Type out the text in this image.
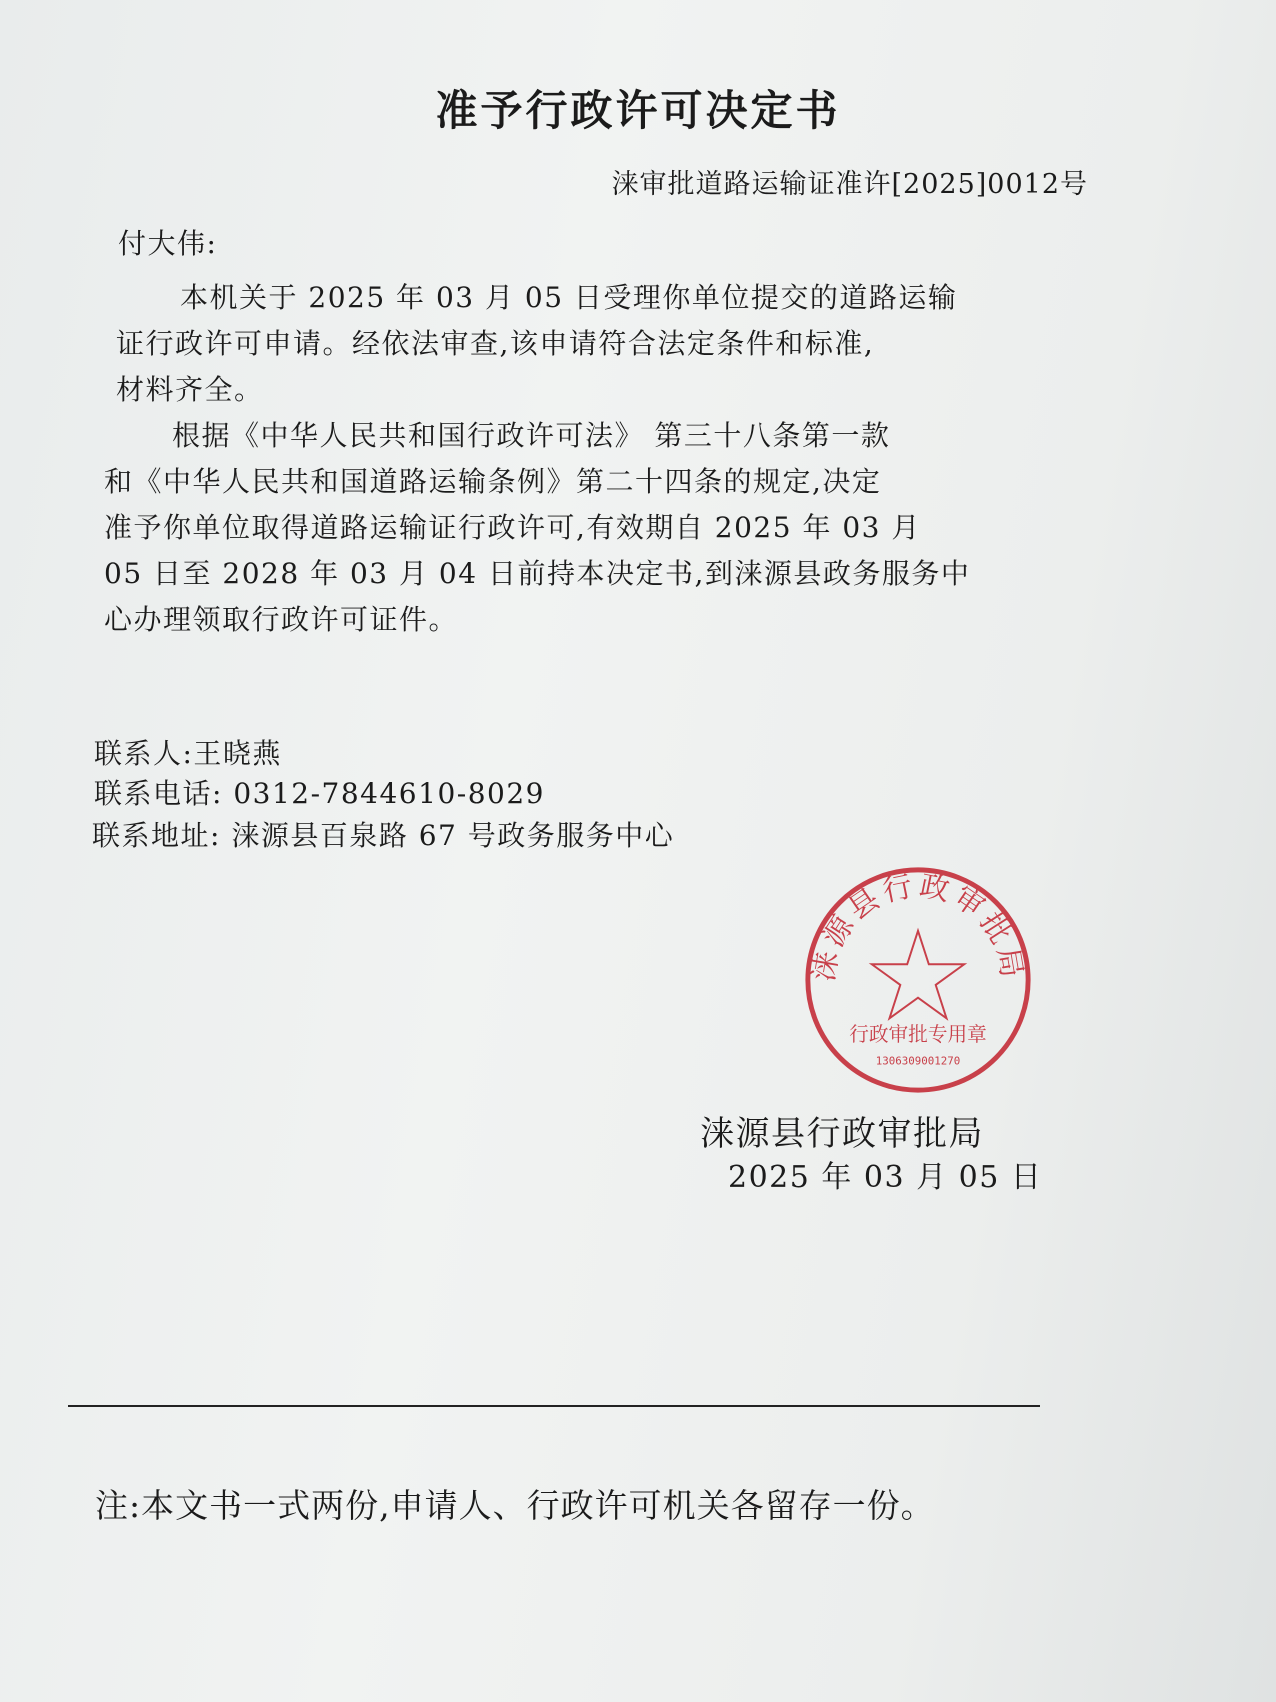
准予行政许可决定书
涞审批道路运输证准许[2025]0012号
付大伟:
本机关于 2025 年 03 月 05 日受理你单位提交的道路运输
证行政许可申请。经依法审查,该申请符合法定条件和标准,
材料齐全。
根据《中华人民共和国行政许可法》 第三十八条第一款
和《中华人民共和国道路运输条例》第二十四条的规定,决定
准予你单位取得道路运输证行政许可,有效期自 2025 年 03 月
05 日至 2028 年 03 月 04 日前持本决定书,到涞源县政务服务中
心办理领取行政许可证件。
联系人:王晓燕
联系电话: 0312-7844610-8029
联系地址: 涞源县百泉路 67 号政务服务中心
涞源县行政审批局
行政审批专用章
1306309001270
涞源县行政审批局
2025 年 03 月 05 日
注:本文书一式两份,申请人、行政许可机关各留存一份。
